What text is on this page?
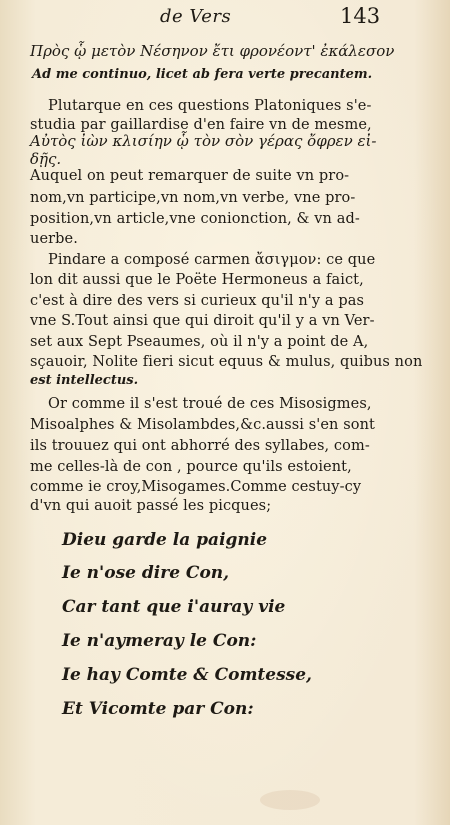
de Vers	143
Πρὸς ᾧ μετὸν Νέσηνον ἔτι φρονέοντ' ἐκάλεσον
Ad me continuo, licet ab fera verte precantem.
Plutarque en ces questions Platoniques s'e-
studia par gaillardise d'en faire vn de mesme,
Αὐτὸς ἰὼν κλισίην ᾧ τὸν σὸν γέρας ὄφρεν εἰ-
δῇς.
Auquel on peut remarquer de suite vn pro-
nom,vn participe,vn nom,vn verbe, vne pro-
position,vn article,vne conionction, & vn ad-
uerbe.
Pindare a composé carmen ἄσιγμον: ce que
lon dit aussi que le Poëte Hermoneus a faict,
c'est à dire des vers si curieux qu'il n'y a pas
vne S.Tout ainsi que qui diroit qu'il y a vn Ver-
set aux Sept Pseaumes, où il n'y a point de A,
sçauoir, Nolite fieri sicut equus & mulus, quibus non
est intellectus.
Or comme il s'est troué de ces Misosigmes,
Misoalphes & Misolambdes,&c.aussi s'en sont
ils trouuez qui ont abhorré des syllabes, com-
me celles-là de con , pource qu'ils estoient,
comme ie croy,Misogames.Comme cestuy-cy
d'vn qui auoit passé les picques;
Dieu garde la paignie
Ie n'ose dire Con,
Car tant que i'auray vie
Ie n'aymeray le Con:
Ie hay Comte & Comtesse,
Et Vicomte par Con:
